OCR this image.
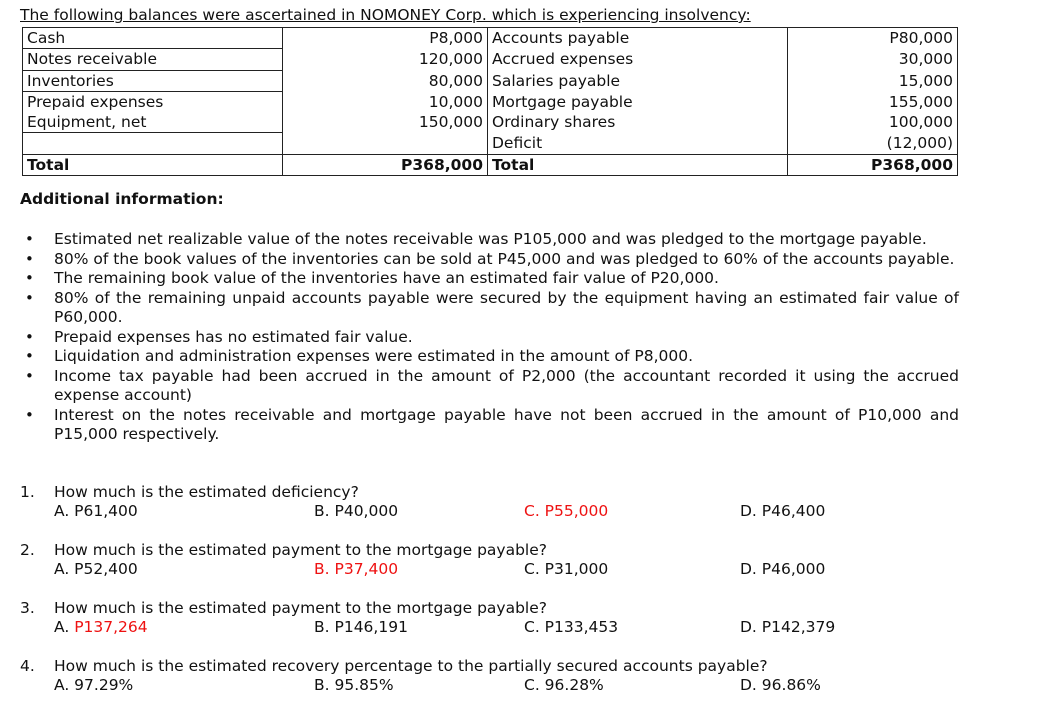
The following balances were ascertained in NOMONEY Corp. which is experiencing insolvency:
Cash	P8,000	Accounts payable	P80,000
Notes receivable	120,000	Accrued expenses	30,000
Inventories	80,000	Salaries payable	15,000
Prepaid expenses	10,000	Mortgage payable	155,000
Equipment, net	150,000	Ordinary shares	100,000
		Deficit	(12,000)
Total	P368,000	Total	P368,000
Additional information:
• Estimated net realizable value of the notes receivable was P105,000 and was pledged to the mortgage payable.
• 80% of the book values of the inventories can be sold at P45,000 and was pledged to 60% of the accounts payable.
• The remaining book value of the inventories have an estimated fair value of P20,000.
• 80% of the remaining unpaid accounts payable were secured by the equipment having an estimated fair value of P60,000.
• Prepaid expenses has no estimated fair value.
• Liquidation and administration expenses were estimated in the amount of P8,000.
• Income tax payable had been accrued in the amount of P2,000 (the accountant recorded it using the accrued expense account)
• Interest on the notes receivable and mortgage payable have not been accrued in the amount of P10,000 and P15,000 respectively.
1. How much is the estimated deficiency?
A. P61,400	B. P40,000	C. P55,000	D. P46,400
2. How much is the estimated payment to the mortgage payable?
A. P52,400	B. P37,400	C. P31,000	D. P46,000
3. How much is the estimated payment to the mortgage payable?
A. P137,264	B. P146,191	C. P133,453	D. P142,379
4. How much is the estimated recovery percentage to the partially secured accounts payable?
A. 97.29%	B. 95.85%	C. 96.28%	D. 96.86%
